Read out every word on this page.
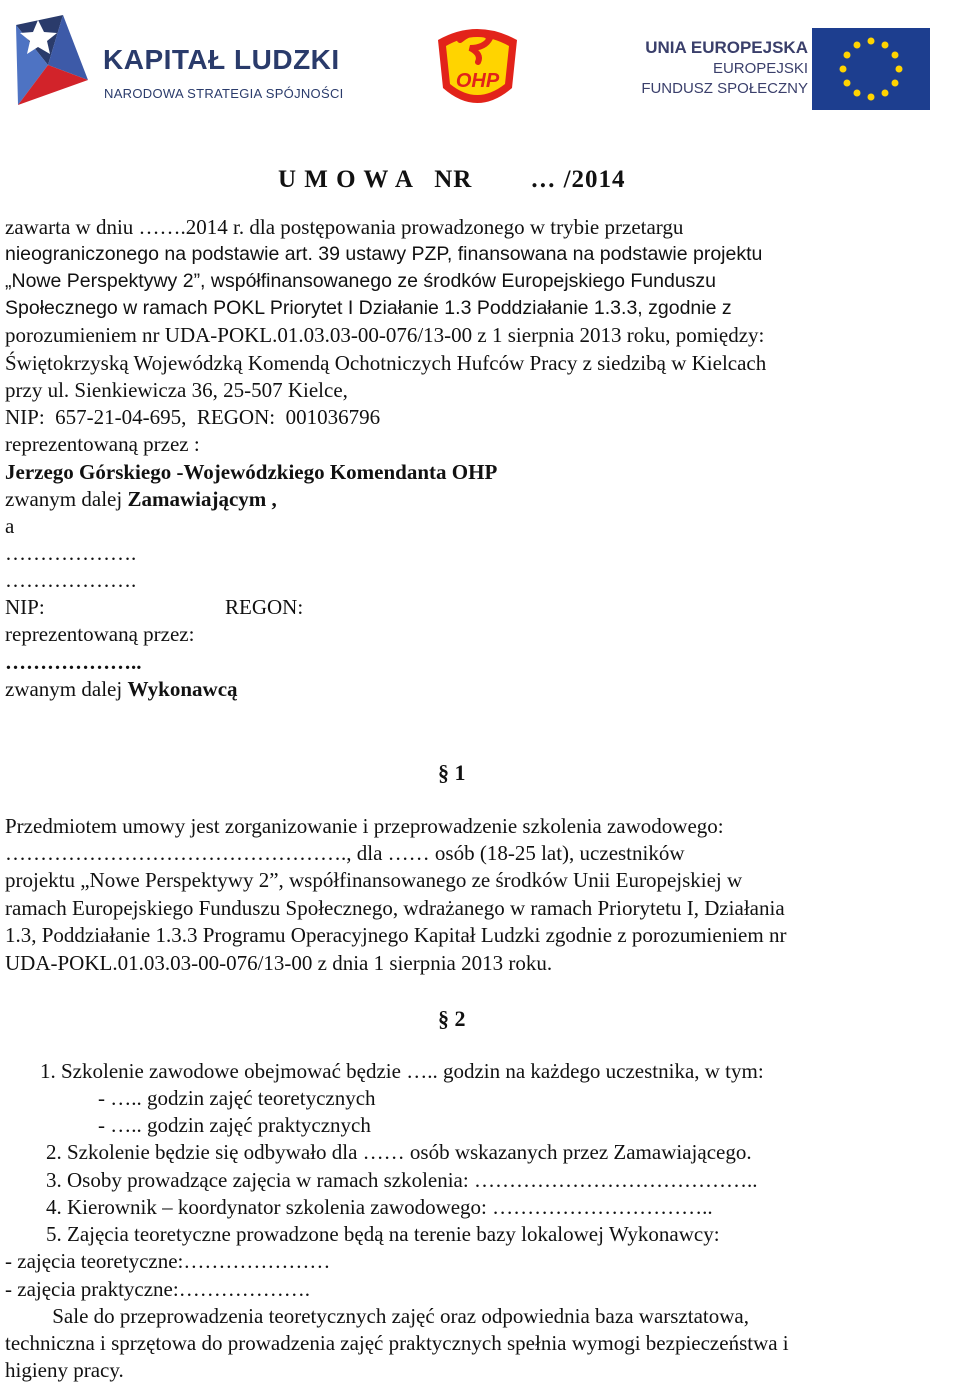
KAPITAŁ LUDZKI
NARODOWA STRATEGIA SPÓJNOŚCI
OHP
UNIA EUROPEJSKA
EUROPEJSKI
FUNDUSZ SPOŁECZNY
U M O W A   NR        … /2014
zawarta w dniu …….2014 r. dla postępowania prowadzonego w trybie przetargu
nieograniczonego na podstawie art. 39 ustawy PZP, finansowana na podstawie projektu
„Nowe Perspektywy 2”, współfinansowanego ze środków Europejskiego Funduszu
Społecznego w ramach POKL Priorytet I Działanie 1.3 Poddziałanie 1.3.3, zgodnie z
porozumieniem nr UDA-POKL.01.03.03-00-076/13-00 z 1 sierpnia 2013 roku, pomiędzy:
Świętokrzyską Wojewódzką Komendą Ochotniczych Hufców Pracy z siedzibą w Kielcach
przy ul. Sienkiewicza 36, 25-507 Kielce,
NIP:  657-21-04-695,  REGON:  001036796
reprezentowaną przez :
Jerzego Górskiego -Wojewódzkiego Komendanta OHP
zwanym dalej Zamawiającym ,
a
……………….
……………….
NIP:	REGON:
reprezentowaną przez:
………………..
zwanym dalej Wykonawcą
§ 1
Przedmiotem umowy jest zorganizowanie i przeprowadzenie szkolenia zawodowego:
…………………………………………., dla …… osób (18-25 lat), uczestników
projektu „Nowe Perspektywy 2”, współfinansowanego ze środków Unii Europejskiej w
ramach Europejskiego Funduszu Społecznego, wdrażanego w ramach Priorytetu I, Działania
1.3, Poddziałanie 1.3.3 Programu Operacyjnego Kapitał Ludzki zgodnie z porozumieniem nr
UDA-POKL.01.03.03-00-076/13-00 z dnia 1 sierpnia 2013 roku.
§ 2
1. Szkolenie zawodowe obejmować będzie ….. godzin na każdego uczestnika, w tym:
- ….. godzin zajęć teoretycznych
- ….. godzin zajęć praktycznych
2. Szkolenie będzie się odbywało dla …… osób wskazanych przez Zamawiającego.
3. Osoby prowadzące zajęcia w ramach szkolenia: …………………………………..
4. Kierownik – koordynator szkolenia zawodowego: …………………………..
5. Zajęcia teoretyczne prowadzone będą na terenie bazy lokalowej Wykonawcy:
- zajęcia teoretyczne:…………………
- zajęcia praktyczne:……………….
Sale do przeprowadzenia teoretycznych zajęć oraz odpowiednia baza warsztatowa,
techniczna i sprzętowa do prowadzenia zajęć praktycznych spełnia wymogi bezpieczeństwa i
higieny pracy.
